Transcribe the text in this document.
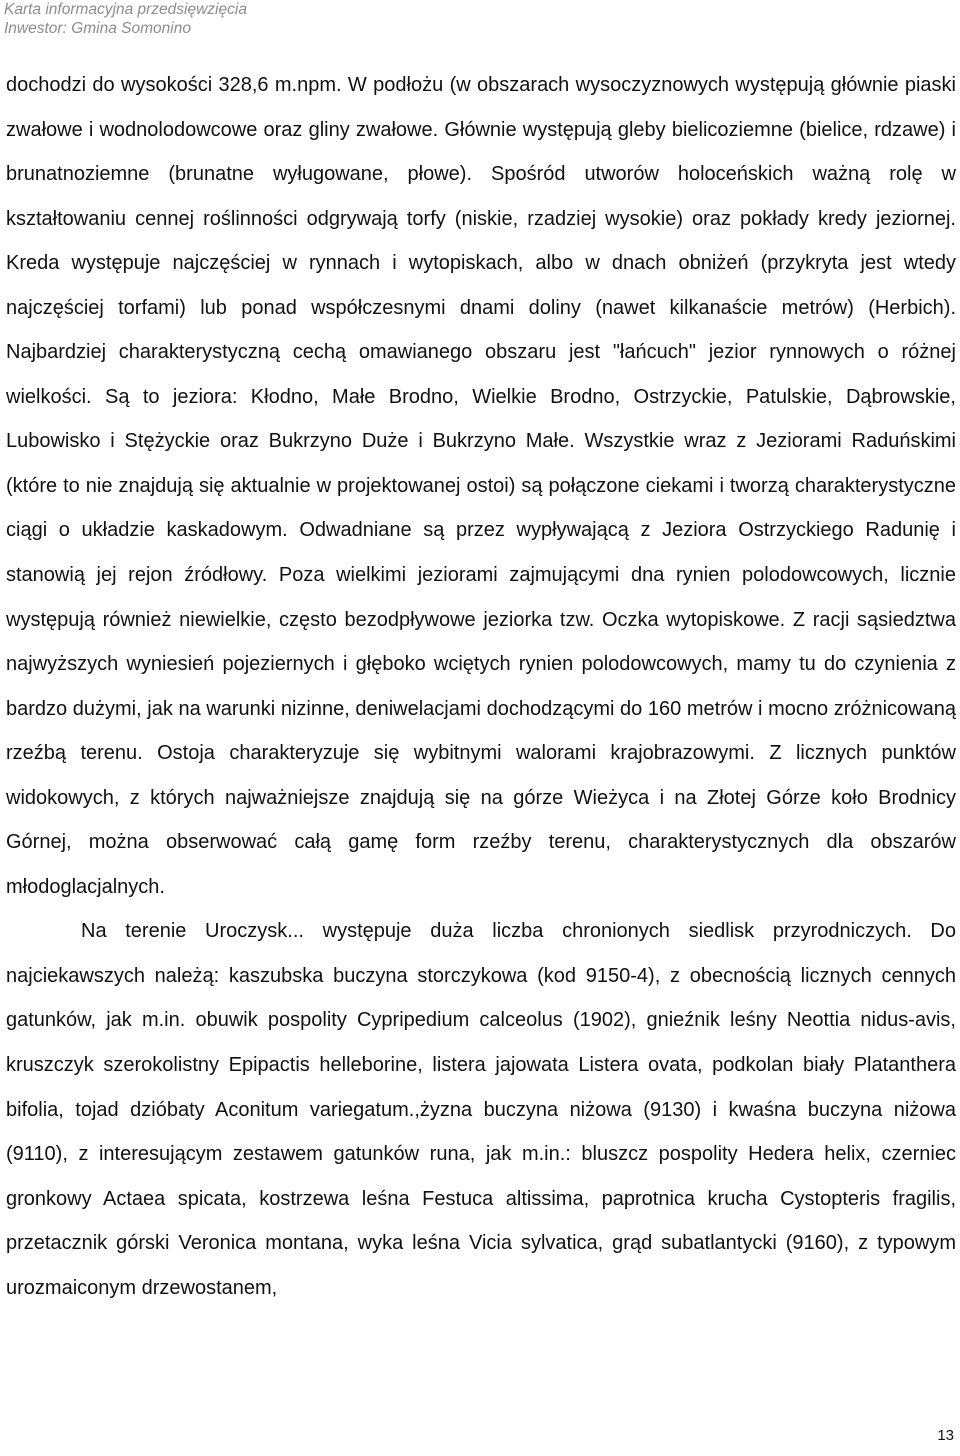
Karta informacyjna przedsięwzięcia
Inwestor: Gmina Somonino

dochodzi do wysokości 328,6 m.npm. W podłożu (w obszarach wysoczyznowych występują głównie piaski zwałowe i wodnolodowcowe oraz gliny zwałowe. Głównie występują gleby bielicoziemne (bielice, rdzawe) i brunatnoziemne (brunatne wyługowane, płowe). Spośród utworów holoceńskich ważną rolę w kształtowaniu cennej roślinności odgrywają torfy (niskie, rzadziej wysokie) oraz pokłady kredy jeziornej. Kreda występuje najczęściej w rynnach i wytopiskach, albo w dnach obniżeń (przykryta jest wtedy najczęściej torfami) lub ponad współczesnymi dnami doliny (nawet kilkanaście metrów) (Herbich). Najbardziej charakterystyczną cechą omawianego obszaru jest "łańcuch" jezior rynnowych o różnej wielkości. Są to jeziora: Kłodno, Małe Brodno, Wielkie Brodno, Ostrzyckie, Patulskie, Dąbrowskie, Lubowisko i Stężyckie oraz Bukrzyno Duże i Bukrzyno Małe. Wszystkie wraz z Jeziorami Raduńskimi (które to nie znajdują się aktualnie w projektowanej ostoi) są połączone ciekami i tworzą charakterystyczne ciągi o układzie kaskadowym. Odwadniane są przez wypływającą z Jeziora Ostrzyckiego Radunię i stanowią jej rejon źródłowy. Poza wielkimi jeziorami zajmującymi dna rynien polodowcowych, licznie występują również niewielkie, często bezodpływowe jeziorka tzw. Oczka wytopiskowe. Z racji sąsiedztwa najwyższych wyniesień pojeziernych i głęboko wciętych rynien polodowcowych, mamy tu do czynienia z bardzo dużymi, jak na warunki nizinne, deniwelacjami dochodzącymi do 160 metrów i mocno zróżnicowaną rzeźbą terenu. Ostoja charakteryzuje się wybitnymi walorami krajobrazowymi. Z licznych punktów widokowych, z których najważniejsze znajdują się na górze Wieżyca i na Złotej Górze koło Brodnicy Górnej, można obserwować całą gamę form rzeźby terenu, charakterystycznych dla obszarów młodoglacjalnych.

Na terenie Uroczysk... występuje duża liczba chronionych siedlisk przyrodniczych. Do najciekawszych należą: kaszubska buczyna storczykowa (kod 9150-4), z obecnością licznych cennych gatunków, jak m.in. obuwik pospolity Cypripedium calceolus (1902), gnieźnik leśny Neottia nidus-avis, kruszczyk szerokolistny Epipactis helleborine, listera jajowata Listera ovata, podkolan biały Platanthera bifolia, tojad dzióbaty Aconitum variegatum.,żyzna buczyna niżowa (9130) i kwaśna buczyna niżowa (9110), z interesującym zestawem gatunków runa, jak m.in.: bluszcz pospolity Hedera helix, czerniec gronkowy Actaea spicata, kostrzewa leśna Festuca altissima, paprotnica krucha Cystopteris fragilis, przetacznik górski Veronica montana, wyka leśna Vicia sylvatica, grąd subatlantycki (9160), z typowym urozmaiconym drzewostanem,

13
